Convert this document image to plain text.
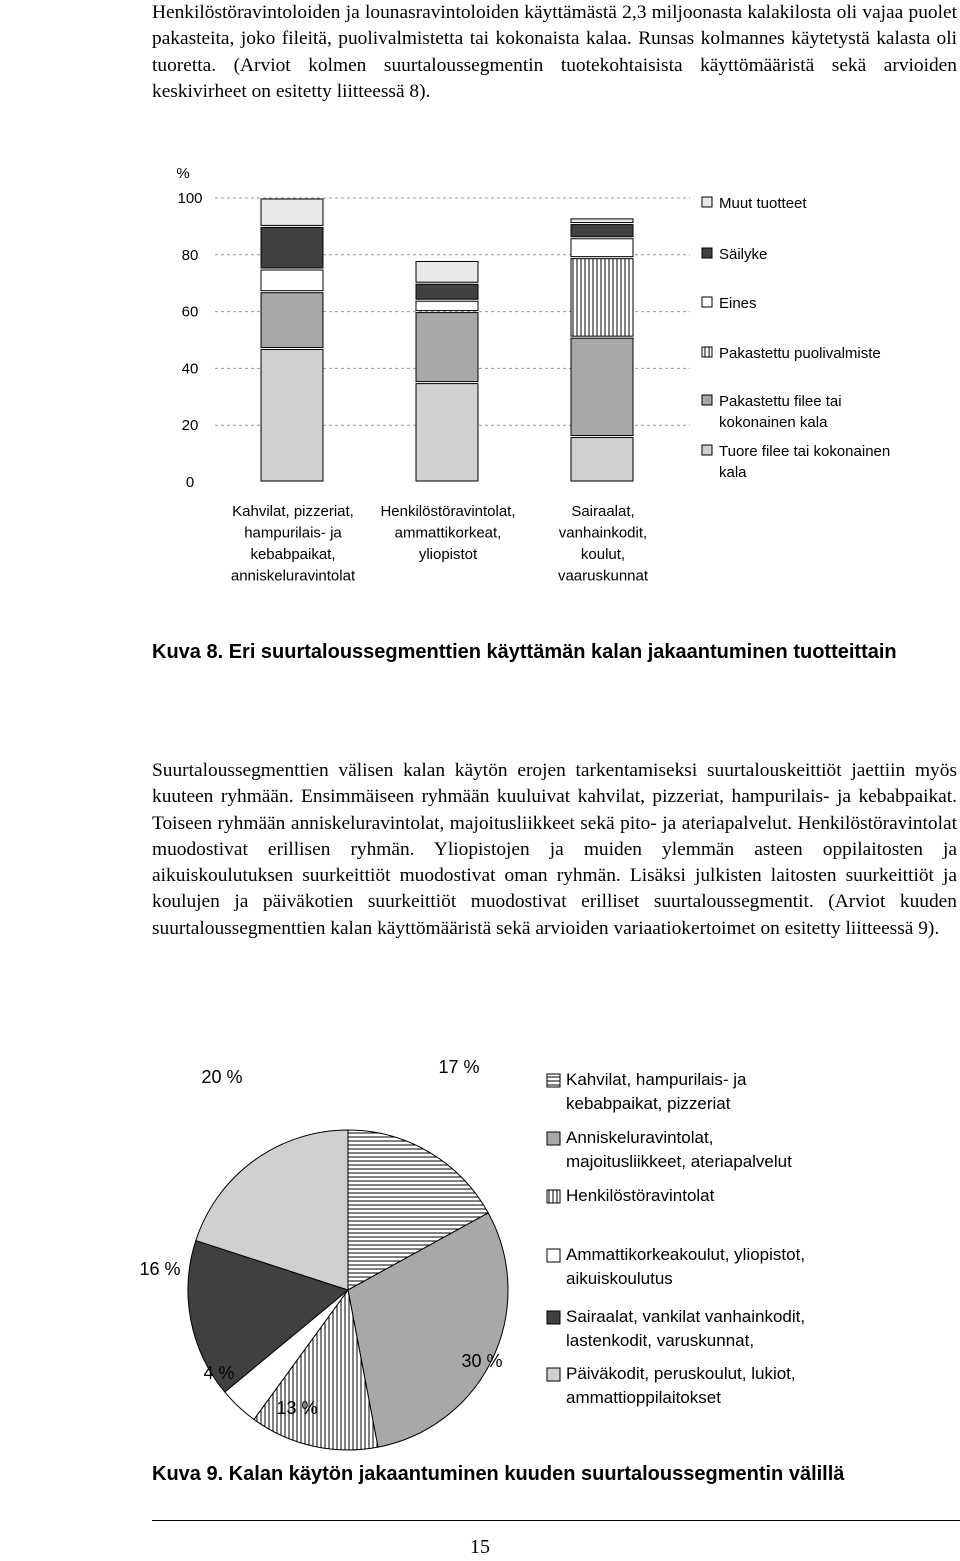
Henkilöstöravintoloiden ja lounasravintoloiden käyttämästä 2,3 miljoonasta kalakilosta oli vajaa puolet pakasteita, joko fileitä, puolivalmistetta tai kokonaista kalaa. Runsas kolmannes käytetystä kalasta oli tuoretta. (Arviot kolmen suurtaloussegmentin tuotekohtaisista käyttömääristä sekä arvioiden keskivirheet on esitetty liitteessä 8).

%
0
20
40
60
80
100
Kahvilat, pizzeriat, hampurilais- ja kebabpaikat, anniskeluravintolat
Henkilöstöravintolat, ammattikorkeat, yliopistot
Sairaalat, vanhainkodit, koulut, vaaruskunnat
Muut tuotteet
Säilyke
Eines
Pakastettu puolivalmiste
Pakastettu filee tai kokonainen kala
Tuore filee tai kokonainen kala

Kuva 8. Eri suurtaloussegmenttien käyttämän kalan jakaantuminen tuotteittain

Suurtaloussegmenttien välisen kalan käytön erojen tarkentamiseksi suurtalouskeittiöt jaettiin myös kuuteen ryhmään. Ensimmäiseen ryhmään kuuluivat kahvilat, pizzeriat, hampurilais- ja kebabpaikat. Toiseen ryhmään anniskeluravintolat, majoitusliikkeet sekä pito- ja ateriapalvelut. Henkilöstöravintolat muodostivat erillisen ryhmän. Yliopistojen ja muiden ylemmän asteen oppilaitosten ja aikuiskoulutuksen suurkeittiöt muodostivat oman ryhmän. Lisäksi julkisten laitosten suurkeittiöt ja koulujen ja päiväkotien suurkeittiöt muodostivat erilliset suurtaloussegmentit. (Arviot kuuden suurtaloussegmenttien kalan käyttömääristä sekä arvioiden variaatiokertoimet on esitetty liitteessä 9).

17 %
30 %
13 %
4 %
16 %
20 %	Kahvilat, hampurilais- ja kebabpaikat, pizzeriat
Anniskeluravintolat, majoitusliikkeet, ateriapalvelut
Henkilöstöravintolat
Ammattikorkeakoulut, yliopistot, aikuiskoulutus
Sairaalat, vankilat vanhainkodit, lastenkodit, varuskunnat,
Päiväkodit, peruskoulut, lukiot, ammattioppilaitokset

Kuva 9. Kalan käytön jakaantuminen kuuden suurtaloussegmentin välillä

15
